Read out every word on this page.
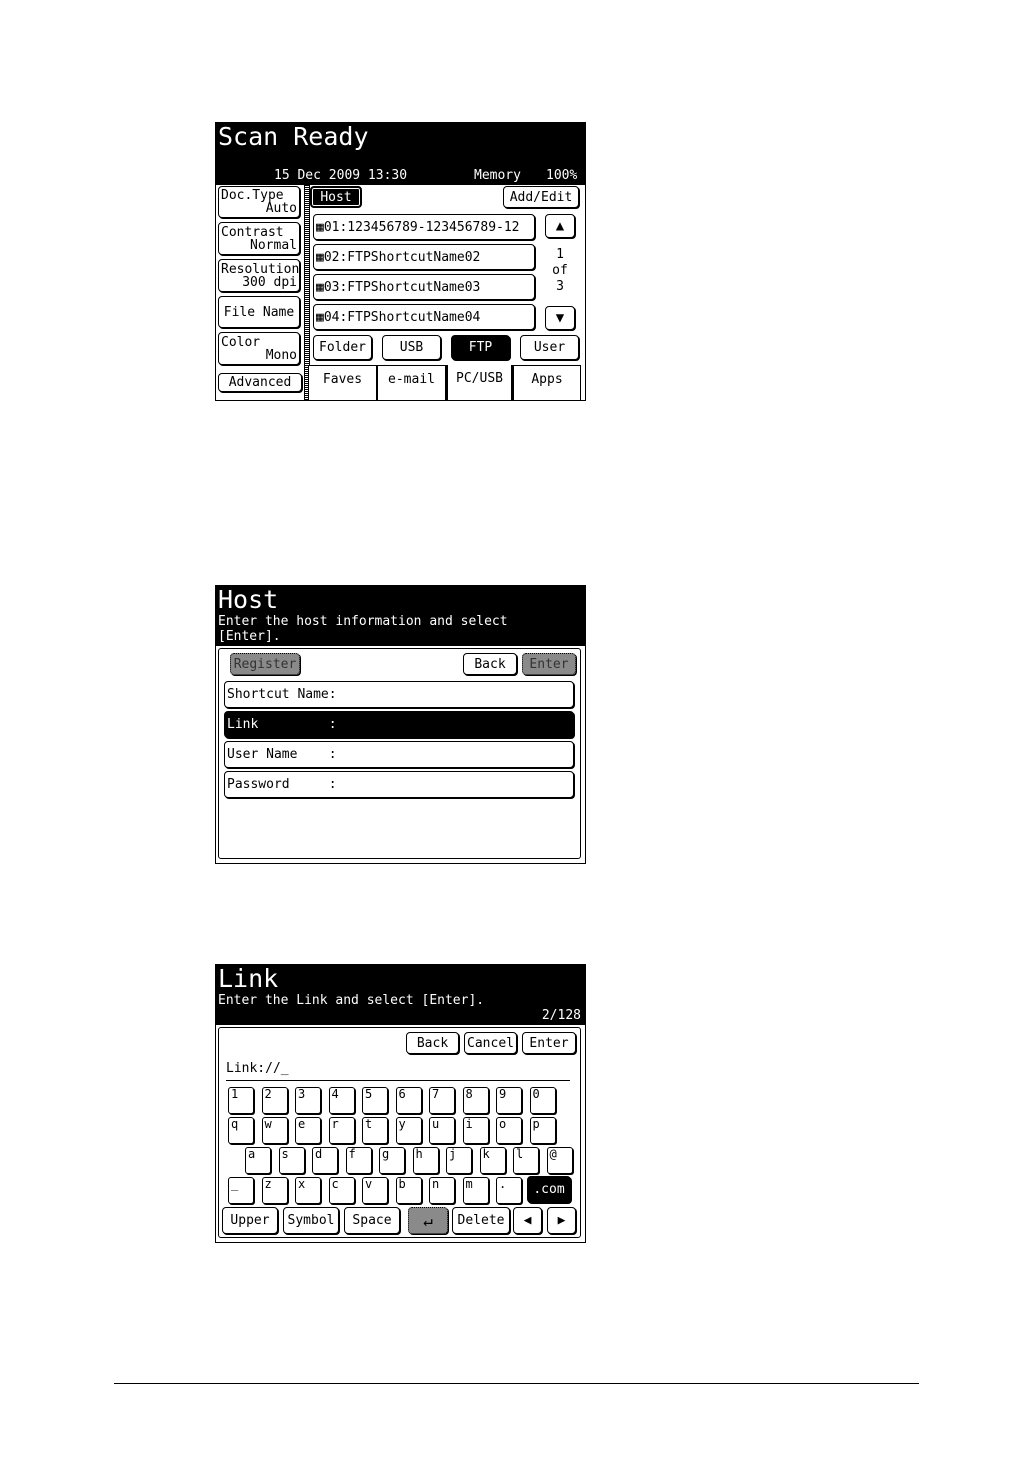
Scan Ready
15 Dec 2009 13:30	Memory 100%
Doc.Type
Auto
Contrast
Normal
Resolution
300 dpi
File Name
Color
Mono
Advanced
Host	Add/Edit
▦01:123456789-123456789-12
▦02:FTPShortcutName02
▦03:FTPShortcutName03
▦04:FTPShortcutName04
▲
1
of
3
▼
Folder	USB	FTP	User
Faves e-mail PC/USB Apps
Host
Enter the host information and select
[Enter].
Register	Back Enter
Shortcut Name:
Link         :
User Name    :
Password     :
Link
Enter the Link and select [Enter].
2/128
Back Cancel Enter
Link://_
1	2	3	4	5	6	7	8	9	0
q	w	e	r	t	y	u	i	o	p
a	s	d	f	g	h	j	k	l	@
_	z	x	c	v	b	n	m	.	.com
Upper Symbol Space ↵ Delete ◀ ▶
